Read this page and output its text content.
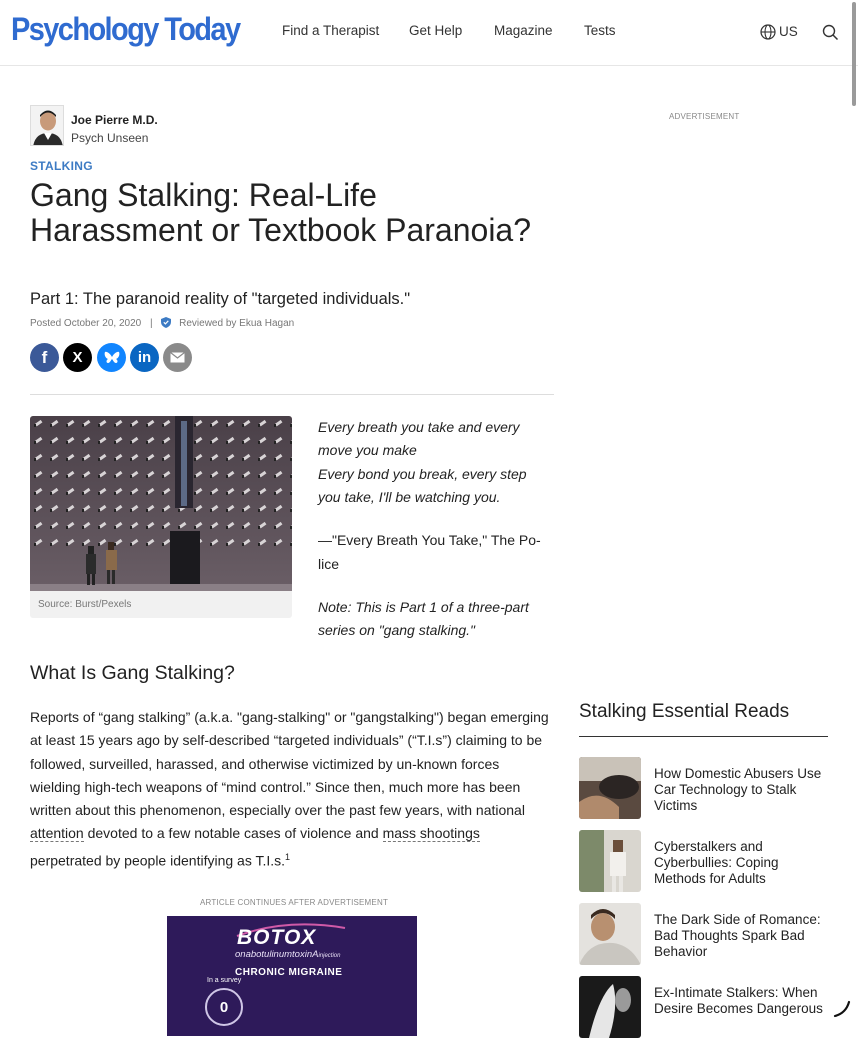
Psychology Today	Find a Therapist Get Help Magazine Tests	US
Joe Pierre M.D.
Psych Unseen
STALKING
Gang Stalking: Real-Life Harassment or Textbook Paranoia?
Part 1: The paranoid reality of "targeted individuals."
Posted October 20, 2020 |	Reviewed by Ekua Hagan
f X	in
Source: Burst/Pexels
Every breath you take and every
move you make
Every bond you break, every step
you take, I'll be watching you.
—"Every Breath You Take," The Po-
lice
Note: This is Part 1 of a three-part
series on "gang stalking."
What Is Gang Stalking?

Reports of “gang stalking” (a.k.a. "gang-stalking" or "gangstalking") began emerging at least 15 years ago by self-described “targeted individuals” (“T.I.s”) claiming to be followed, surveilled, harassed, and otherwise victimized by un-known forces wielding high-tech weapons of “mind control.” Since then, much more has been written about this phenomenon, especially over the past few years, with national attention devoted to a few notable cases of violence and mass shootings perpetrated by people identifying as T.I.s.$^1$

ARTICLE CONTINUES AFTER ADVERTISEMENT
BOTOX
onabotulinumtoxinAinjection
CHRONIC MIGRAINE
In a survey
0
ADVERTISEMENT
Stalking Essential Reads
How Domestic Abusers Use Car Technology to Stalk Victims
Cyberstalkers and Cyberbullies: Coping Methods for Adults
The Dark Side of Romance: Bad Thoughts Spark Bad Behavior
Ex-Intimate Stalkers: When Desire Becomes Dangerous
